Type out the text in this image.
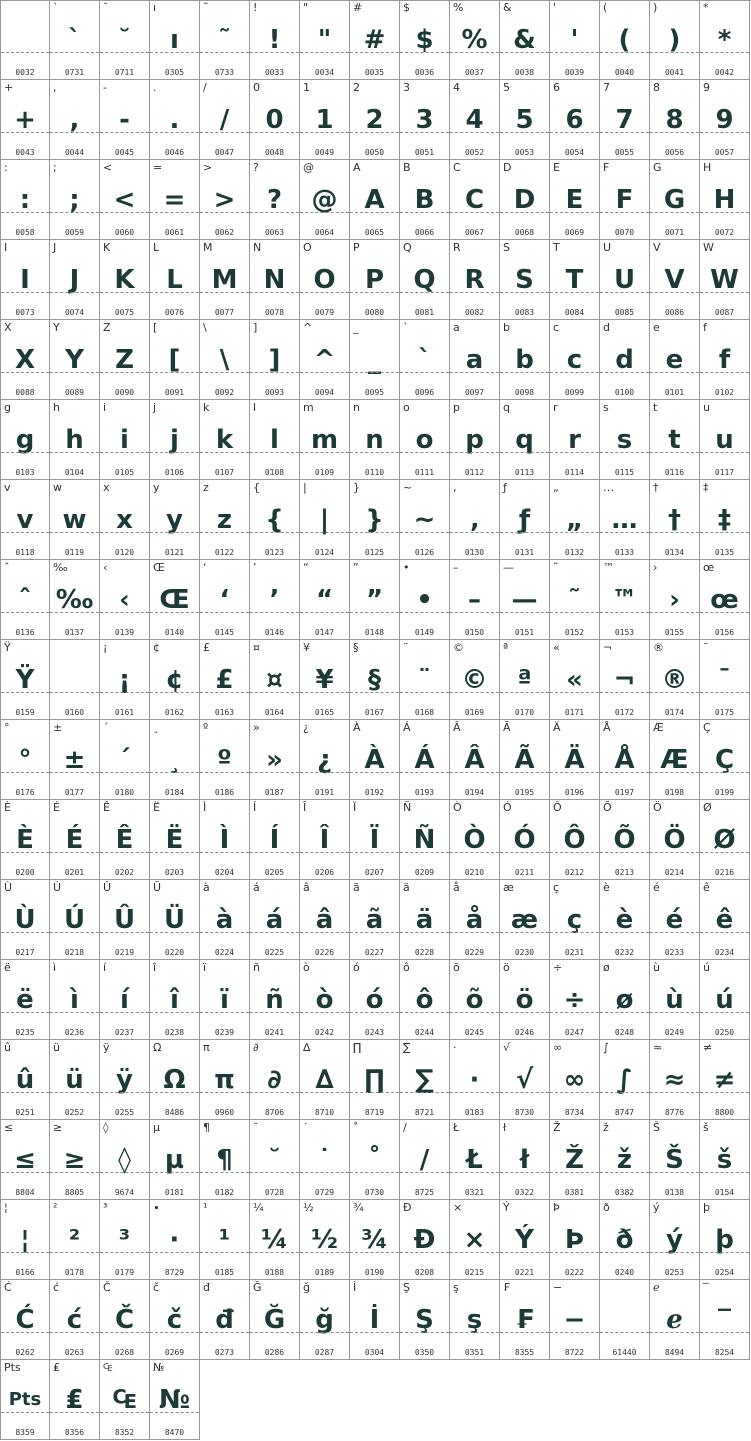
0032
`
`
0731
˘
˘
0711
ı
ı
0305
˜
˜
0733
!
!
0033
"
"
0034
#
#
0035
$
$
0036
%
%
0037
&
&
0038
'
'
0039
(
(
0040
)
)
0041
*
*
0042
+
+
0043
,
,
0044
-
-
0045
.
.
0046
/
/
0047
0
0
0048
1
1
0049
2
2
0050
3
3
0051
4
4
0052
5
5
0053
6
6
0054
7
7
0055
8
8
0056
9
9
0057
:
:
0058
;
;
0059
<
<
0060
=
=
0061
>
>
0062
?
?
0063
@
@
0064
A
A
0065
B
B
0066
C
C
0067
D
D
0068
E
E
0069
F
F
0070
G
G
0071
H
H
0072
I
I
0073
J
J
0074
K
K
0075
L
L
0076
M
M
0077
N
N
0078
O
O
0079
P
P
0080
Q
Q
0081
R
R
0082
S
S
0083
T
T
0084
U
U
0085
V
V
0086
W
W
0087
X
X
0088
Y
Y
0089
Z
Z
0090
[
[
0091
\
\
0092
]
]
0093
^
^
0094
_
_
0095
`
`
0096
a
a
0097
b
b
0098
c
c
0099
d
d
0100
e
e
0101
f
f
0102
g
g
0103
h
h
0104
i
i
0105
j
j
0106
k
k
0107
l
l
0108
m
m
0109
n
n
0110
o
o
0111
p
p
0112
q
q
0113
r
r
0114
s
s
0115
t
t
0116
u
u
0117
v
v
0118
w
w
0119
x
x
0120
y
y
0121
z
z
0122
{
{
0123
|
|
0124
}
}
0125
~
~
0126
‚
‚
0130
ƒ
ƒ
0131
„
„
0132
…
…
0133
†
†
0134
‡
‡
0135
ˆ
ˆ
0136
‰
‰
0137
‹
‹
0139
Œ
Œ
0140
‘
‘
0145
’
’
0146
“
“
0147
”
”
0148
•
•
0149
–
–
0150
—
—
0151
˜
˜
0152
™
™
0153
›
›
0155
œ
œ
0156
Ÿ
Ÿ
0159	0160
¡
¡
0161
¢
¢
0162
£
£
0163
¤
¤
0164
¥
¥
0165
§
§
0167
¨
¨
0168
©
©
0169
ª
ª
0170
«
«
0171
¬
¬
0172
®
®
0174
¯
¯
0175
°
°
0176
±
±
0177
´
´
0180
¸
¸
0184
º
º
0186
»
»
0187
¿
¿
0191
À
À
0192
Á
Á
0193
Â
Â
0194
Ã
Ã
0195
Ä
Ä
0196
Å
Å
0197
Æ
Æ
0198
Ç
Ç
0199
È
È
0200
É
É
0201
Ê
Ê
0202
Ë
Ë
0203
Ì
Ì
0204
Í
Í
0205
Î
Î
0206
Ï
Ï
0207
Ñ
Ñ
0209
Ò
Ò
0210
Ó
Ó
0211
Ô
Ô
0212
Õ
Õ
0213
Ö
Ö
0214
Ø
Ø
0216
Ù
Ù
0217
Ú
Ú
0218
Û
Û
0219
Ü
Ü
0220
à
à
0224
á
á
0225
â
â
0226
ã
ã
0227
ä
ä
0228
å
å
0229
æ
æ
0230
ç
ç
0231
è
è
0232
é
é
0233
ê
ê
0234
ë
ë
0235
ì
ì
0236
í
í
0237
î
î
0238
ï
ï
0239
ñ
ñ
0241
ò
ò
0242
ó
ó
0243
ô
ô
0244
õ
õ
0245
ö
ö
0246
÷
÷
0247
ø
ø
0248
ù
ù
0249
ú
ú
0250
û
û
0251
ü
ü
0252
ÿ
ÿ
0255
Ω
Ω
8486
π
π
0960
∂
∂
8706
∆
∆
8710
∏
∏
8719
∑
∑
8721
·
·
0183
√
√
8730
∞
∞
8734
∫
∫
8747
≈
≈
8776
≠
≠
8800
≤
≤
8804
≥
≥
8805
◊
◊
9674
µ
µ
0181
¶
¶
0182
˘
˘
0728
˙
˙
0729
˚
˚
0730
∕
∕
8725
Ł
Ł
0321
ł
ł
0322
Ž
Ž
0381
ž
ž
0382
Š
Š
0138
š
š
0154
¦
¦
0166
²
²
0178
³
³
0179
∙
∙
8729
¹
¹
0185
¼
¼
0188
½
½
0189
¾
¾
0190
Ð
Ð
0208
×
×
0215
Ý
Ý
0221
Þ
Þ
0222
ð
ð
0240
ý
ý
0253
þ
þ
0254
Ć
Ć
0262
ć
ć
0263
Č
Č
0268
č
č
0269
đ
đ
0273
Ğ
Ğ
0286
ğ
ğ
0287
İ
İ
0304
Ş
Ş
0350
ş
ş
0351
₣
₣
8355
−
−
8722	61440
ℯ
ℯ
8494
‾
‾
8254
Pts
Pts
8359
₤
₤
8356
₠
₠
8352
№
№
8470
